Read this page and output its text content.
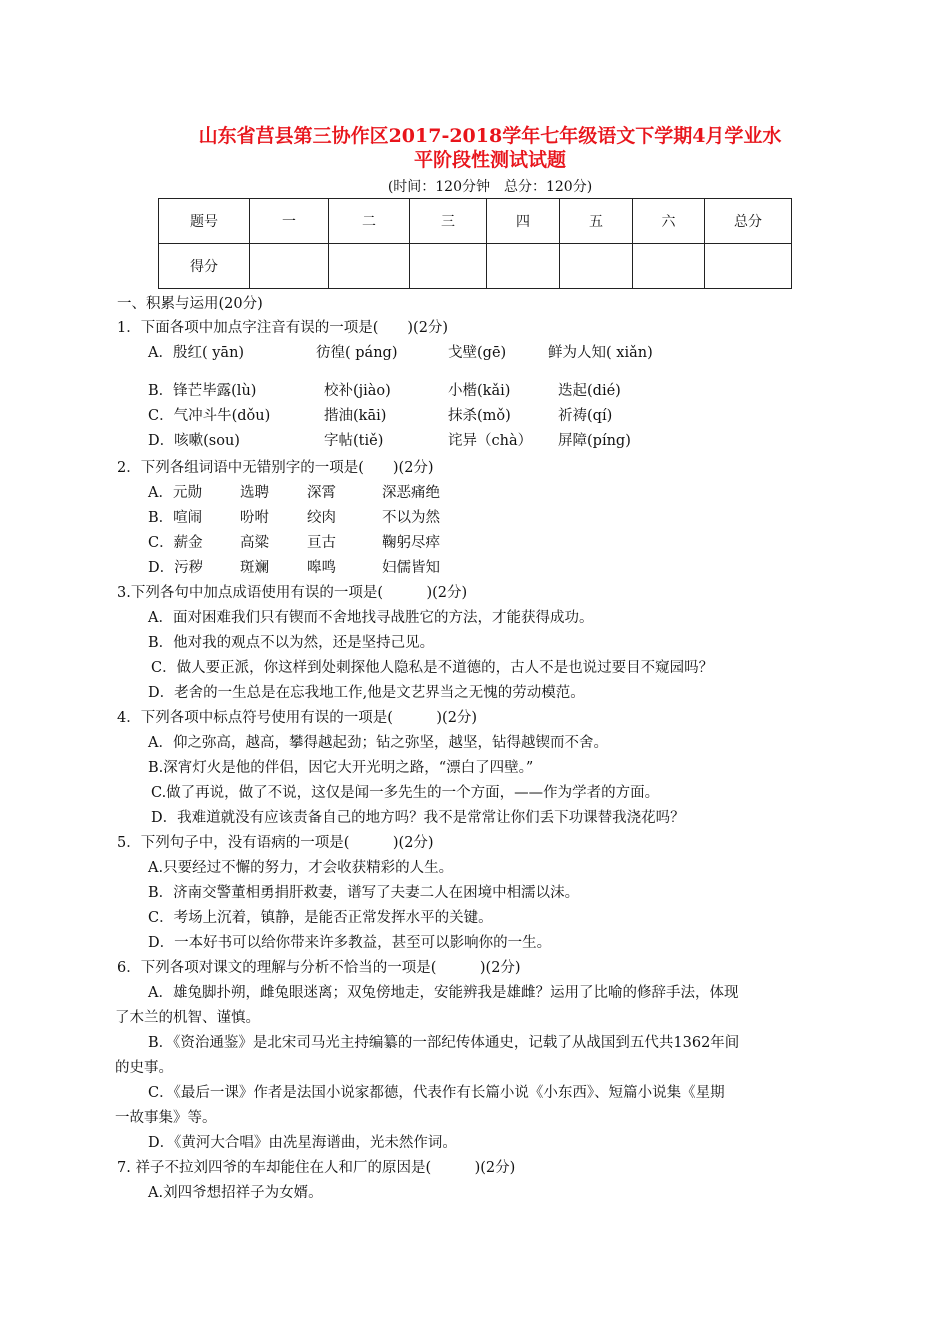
山东省莒县第三协作区2017-2018学年七年级语文下学期4月学业水
平阶段性测试试题
(时间：120分钟　总分：120分)
题号	一	二	三	四	五	六	总分
得分							
一、积累与运用(20分)
1．下面各项中加点字注音有误的一项是(　　)(2分)
A．殷红( yān)	彷徨( páng)	戈壁(gē)	鲜为人知( xiǎn)
B．锋芒毕露(lù)	校补(jiào)	小楷(kǎi)	迭起(dié)
C．气冲斗牛(dǒu)	揩油(kāi)	抹杀(mǒ)	祈祷(qí)
D．咳嗽(sou)	字帖(tiě)	诧异（chà） 屏障(píng)
2．下列各组词语中无错别字的一项是(　　)(2分)
A．元勋	选聘	深霄	深恶痛绝
B．喧闹	吩咐	绞肉	不以为然
C．薪金	高粱	亘古	鞠躬尽瘁
D．污秽	斑斓	嗥鸣	妇儒皆知
3.下列各句中加点成语使用有误的一项是(　　　)(2分)
A．面对困难我们只有锲而不舍地找寻战胜它的方法，才能获得成功。
B．他对我的观点不以为然，还是坚持己见。
C．做人要正派，你这样到处刺探他人隐私是不道德的，古人不是也说过要目不窥园吗？
D．老舍的一生总是在忘我地工作,他是文艺界当之无愧的劳动模范。
4．下列各项中标点符号使用有误的一项是(　　　)(2分)
A．仰之弥高，越高，攀得越起劲；钻之弥坚，越坚，钻得越锲而不舍。
B.深宵灯火是他的伴侣，因它大开光明之路，“漂白了四壁。”
C.做了再说，做了不说，这仅是闻一多先生的一个方面，——作为学者的方面。
D．我难道就没有应该责备自己的地方吗？我不是常常让你们丢下功课替我浇花吗？
5．下列句子中，没有语病的一项是(　　　)(2分)
A.只要经过不懈的努力，才会收获精彩的人生。
B．济南交警董相勇捐肝救妻，谱写了夫妻二人在困境中相濡以沫。
C．考场上沉着，镇静，是能否正常发挥水平的关键。
D．一本好书可以给你带来许多教益，甚至可以影响你的一生。
6．下列各项对课文的理解与分析不恰当的一项是(　　　)(2分)
A．雄兔脚扑朔，雌兔眼迷离；双兔傍地走，安能辨我是雄雌？运用了比喻的修辞手法，体现
了木兰的机智、谨慎。
B．《资治通鉴》是北宋司马光主持编纂的一部纪传体通史，记载了从战国到五代共1362年间
的史事。
C．《最后一课》作者是法国小说家都德，代表作有长篇小说《小东西》、短篇小说集《星期
一故事集》等。
D．《黄河大合唱》由冼星海谱曲，光未然作词。
7. 祥子不拉刘四爷的车却能住在人和厂的原因是(　　　)(2分)
A.刘四爷想招祥子为女婿。
